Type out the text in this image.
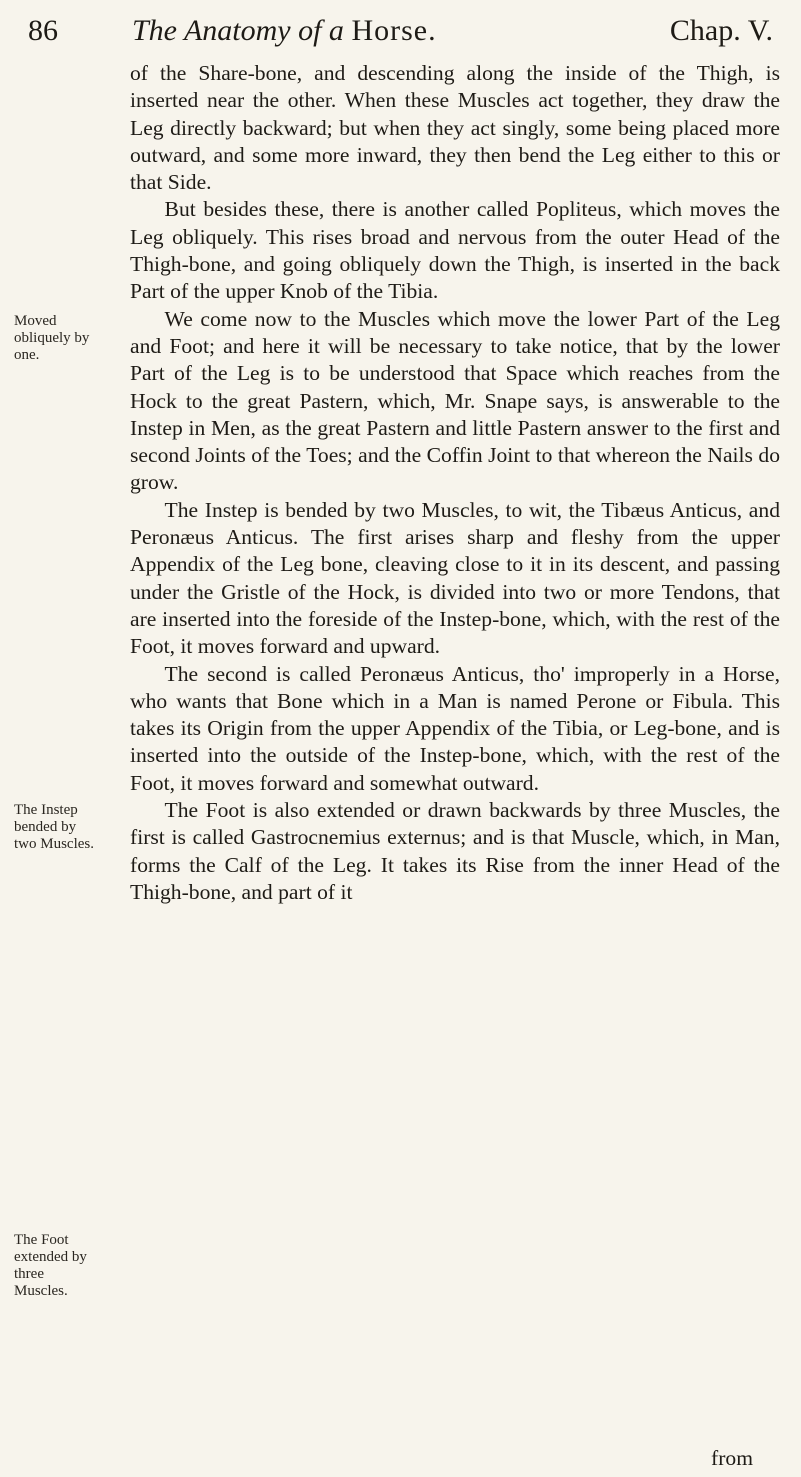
86 The Anatomy of a Horse.	Chap. V.
Moved obliquely by one.
The Instep bended by two Muscles.
The Foot extended by three Muscles.

of the Share-bone, and descending along the inside of the Thigh, is inserted near the other. When these Muscles act together, they draw the Leg directly backward; but when they act singly, some being placed more outward, and some more inward, they then bend the Leg either to this or that Side.

But besides these, there is another called Popliteus, which moves the Leg obliquely. This rises broad and nervous from the outer Head of the Thigh-bone, and going obliquely down the Thigh, is inserted in the back Part of the upper Knob of the Tibia.

We come now to the Muscles which move the lower Part of the Leg and Foot; and here it will be necessary to take notice, that by the lower Part of the Leg is to be understood that Space which reaches from the Hock to the great Pastern, which, Mr. Snape says, is answerable to the Instep in Men, as the great Pastern and little Pastern answer to the first and second Joints of the Toes; and the Coffin Joint to that whereon the Nails do grow.

The Instep is bended by two Muscles, to wit, the Tibæus Anticus, and Peronæus Anticus. The first arises sharp and fleshy from the upper Appendix of the Leg bone, cleaving close to it in its descent, and passing under the Gristle of the Hock, is divided into two or more Tendons, that are inserted into the foreside of the Instep-bone, which, with the rest of the Foot, it moves forward and upward.

The second is called Peronæus Anticus, tho' improperly in a Horse, who wants that Bone which in a Man is named Perone or Fibula. This takes its Origin from the upper Appendix of the Tibia, or Leg-bone, and is inserted into the outside of the Instep-bone, which, with the rest of the Foot, it moves forward and somewhat outward.

The Foot is also extended or drawn backwards by three Muscles, the first is called Gastrocnemius externus; and is that Muscle, which, in Man, forms the Calf of the Leg. It takes its Rise from the inner Head of the Thigh-bone, and part of it

from
